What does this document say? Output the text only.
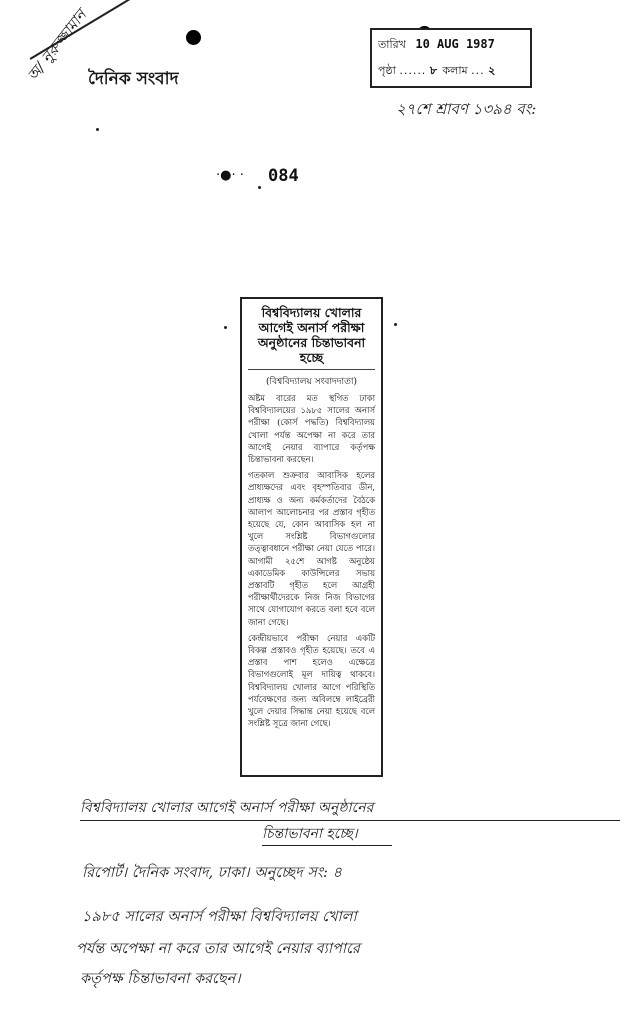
অ/ নুরুজ্জামান
দৈনিক সংবাদ
তারিখ 10 AUG 1987
পৃষ্ঠা ...... ৮ কলাম ... ২
২৭শে শ্রাবণ ১৩৯৪ বং:
084
·●· ·
বিশ্ববিদ্যালয় খোলার আগেই অনার্স পরীক্ষা অনুষ্ঠানের চিন্তাভাবনা হচ্ছে
(বিশ্ববিদ্যালয় সংবাদদাতা)
অষ্টম বারের মত স্থগিত ঢাকা বিশ্ববিদ্যালয়ের ১৯৮৫ সালের অনার্স পরীক্ষা (কোর্স পদ্ধতি) বিশ্ববিদ্যালয় খোলা পর্যন্ত অপেক্ষা না করে তার আগেই নেয়ার ব্যাপারে কর্তৃপক্ষ চিন্তাভাবনা করছেন।
গতকাল শুক্রবার আবাসিক হলের প্রাধ্যক্ষদের এবং বৃহস্পতিবার ডীন, প্রাধ্যক্ষ ও অন্য কর্মকর্তাদের বৈঠকে আলাপ আলোচনার পর প্রস্তাব গৃহীত হয়েছে যে, কোন আবাসিক হল না খুলে সংশ্লিষ্ট বিভাগগুলোর তত্ত্বাবধানে পরীক্ষা নেয়া যেতে পারে। আগামী ২৫শে আগষ্ট অনুষ্ঠেয় একাডেমিক কাউন্সিলের সভায় প্রস্তাবটি গৃহীত হলে আগ্রহী পরীক্ষার্থীদেরকে নিজ নিজ বিভাগের সাথে যোগাযোগ করতে বলা হবে বলে জানা গেছে।
কেন্দ্রীয়ভাবে পরীক্ষা নেয়ার একটি বিকল্প প্রস্তাবও গৃহীত হয়েছে। তবে এ প্রস্তাব পাশ হলেও এক্ষেত্রে বিভাগগুলোই মূল দায়িত্ব থাকবে। বিশ্ববিদ্যালয় খোলার আগে পরিস্থিতি পর্যবেক্ষণের জন্য অবিলম্বে লাইব্রেরী খুলে দেয়ার সিদ্ধান্ত নেয়া হয়েছে বলে সংশ্লিষ্ট সূত্রে জানা গেছে।
বিশ্ববিদ্যালয় খোলার আগেই অনার্স পরীক্ষা অনুষ্ঠানের
চিন্তাভাবনা হচ্ছে।
রিপোর্ট। দৈনিক সংবাদ, ঢাকা। অনুচ্ছেদ সং: ৪
১৯৮৫ সালের অনার্স পরীক্ষা বিশ্ববিদ্যালয় খোলা
পর্যন্ত অপেক্ষা না করে তার আগেই নেয়ার ব্যাপারে
কর্তৃপক্ষ চিন্তাভাবনা করছেন।
